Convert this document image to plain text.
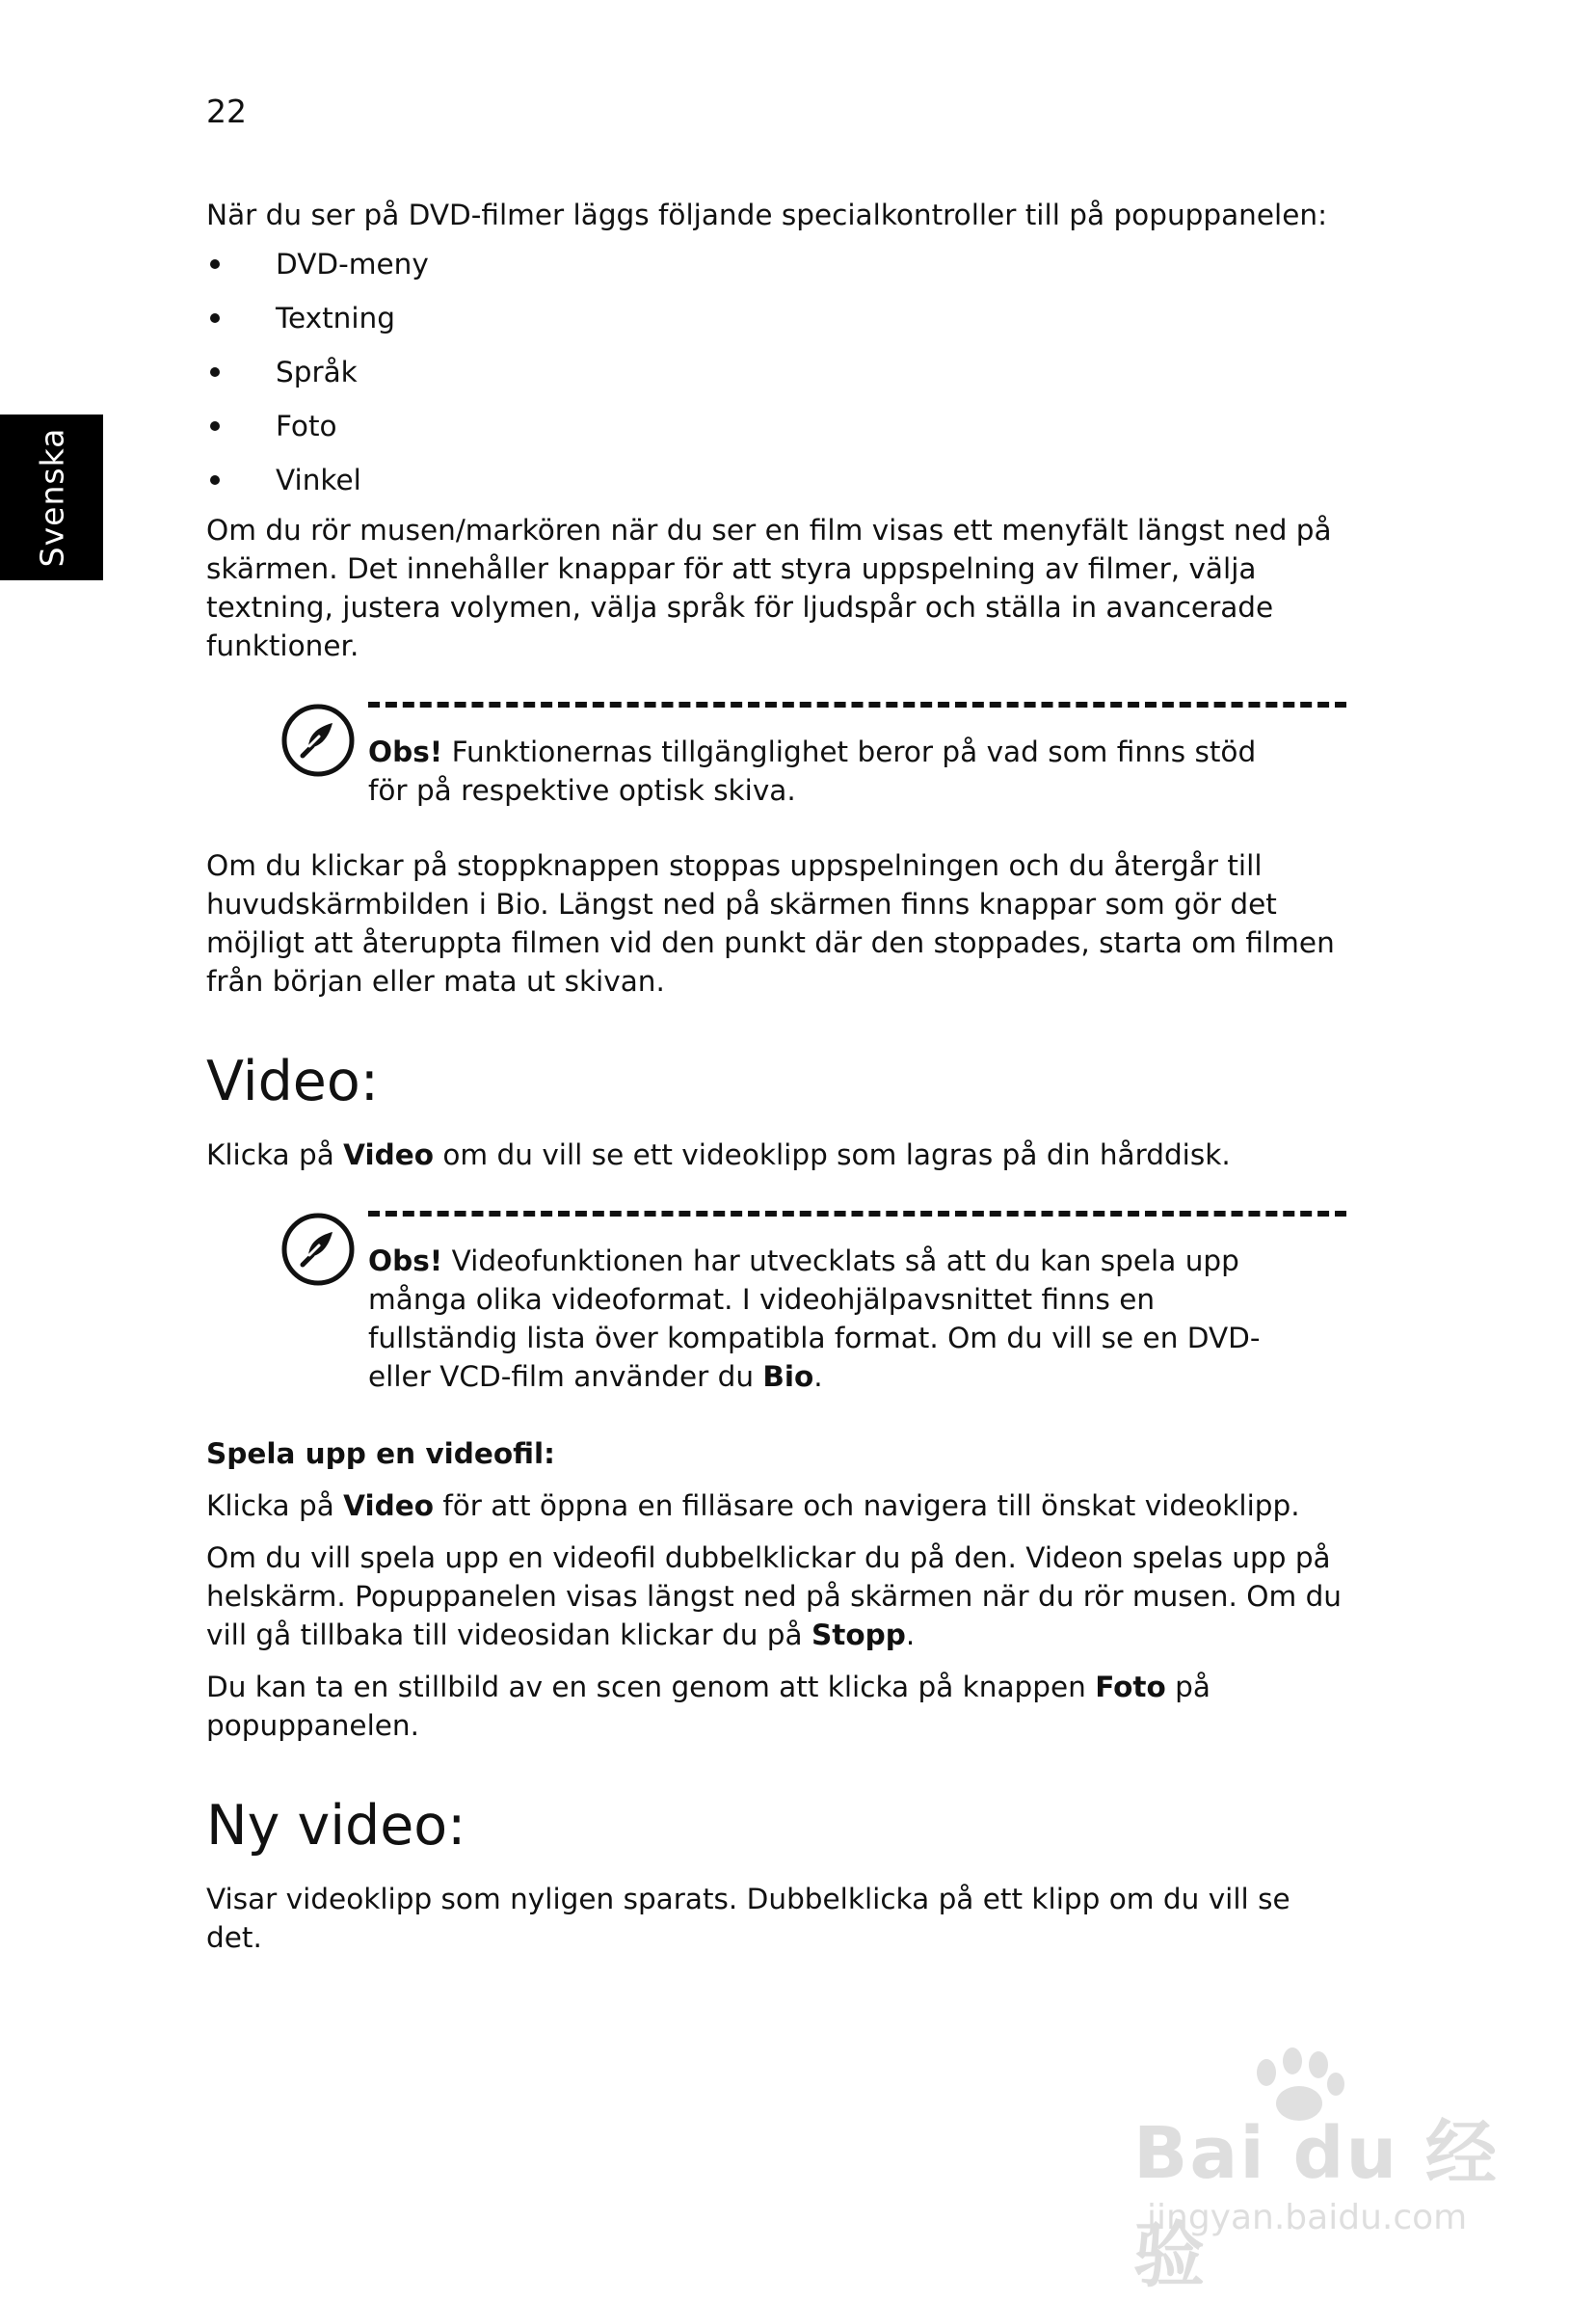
22
Svenska

När du ser på DVD-filmer läggs följande specialkontroller till på popuppanelen:

DVD-meny
Textning
Språk
Foto
Vinkel

Om du rör musen/markören när du ser en film visas ett menyfält längst ned på skärmen. Det innehåller knappar för att styra uppspelning av filmer, välja textning, justera volymen, välja språk för ljudspår och ställa in avancerade funktioner.

Obs! Funktionernas tillgänglighet beror på vad som finns stöd för på respektive optisk skiva.

Om du klickar på stoppknappen stoppas uppspelningen och du återgår till huvudskärmbilden i Bio. Längst ned på skärmen finns knappar som gör det möjligt att återuppta filmen vid den punkt där den stoppades, starta om filmen från början eller mata ut skivan.

Video:

Klicka på Video om du vill se ett videoklipp som lagras på din hårddisk.

Obs! Videofunktionen har utvecklats så att du kan spela upp många olika videoformat. I videohjälpavsnittet finns en fullständig lista över kompatibla format. Om du vill se en DVD- eller VCD-film använder du Bio.

Spela upp en videofil:

Klicka på Video för att öppna en filläsare och navigera till önskat videoklipp.

Om du vill spela upp en videofil dubbelklickar du på den. Videon spelas upp på helskärm. Popuppanelen visas längst ned på skärmen när du rör musen. Om du vill gå tillbaka till videosidan klickar du på Stopp.

Du kan ta en stillbild av en scen genom att klicka på knappen Foto på popuppanelen.

Ny video:

Visar videoklipp som nyligen sparats. Dubbelklicka på ett klipp om du vill se det.

Bai du 经验
jingyan.baidu.com
